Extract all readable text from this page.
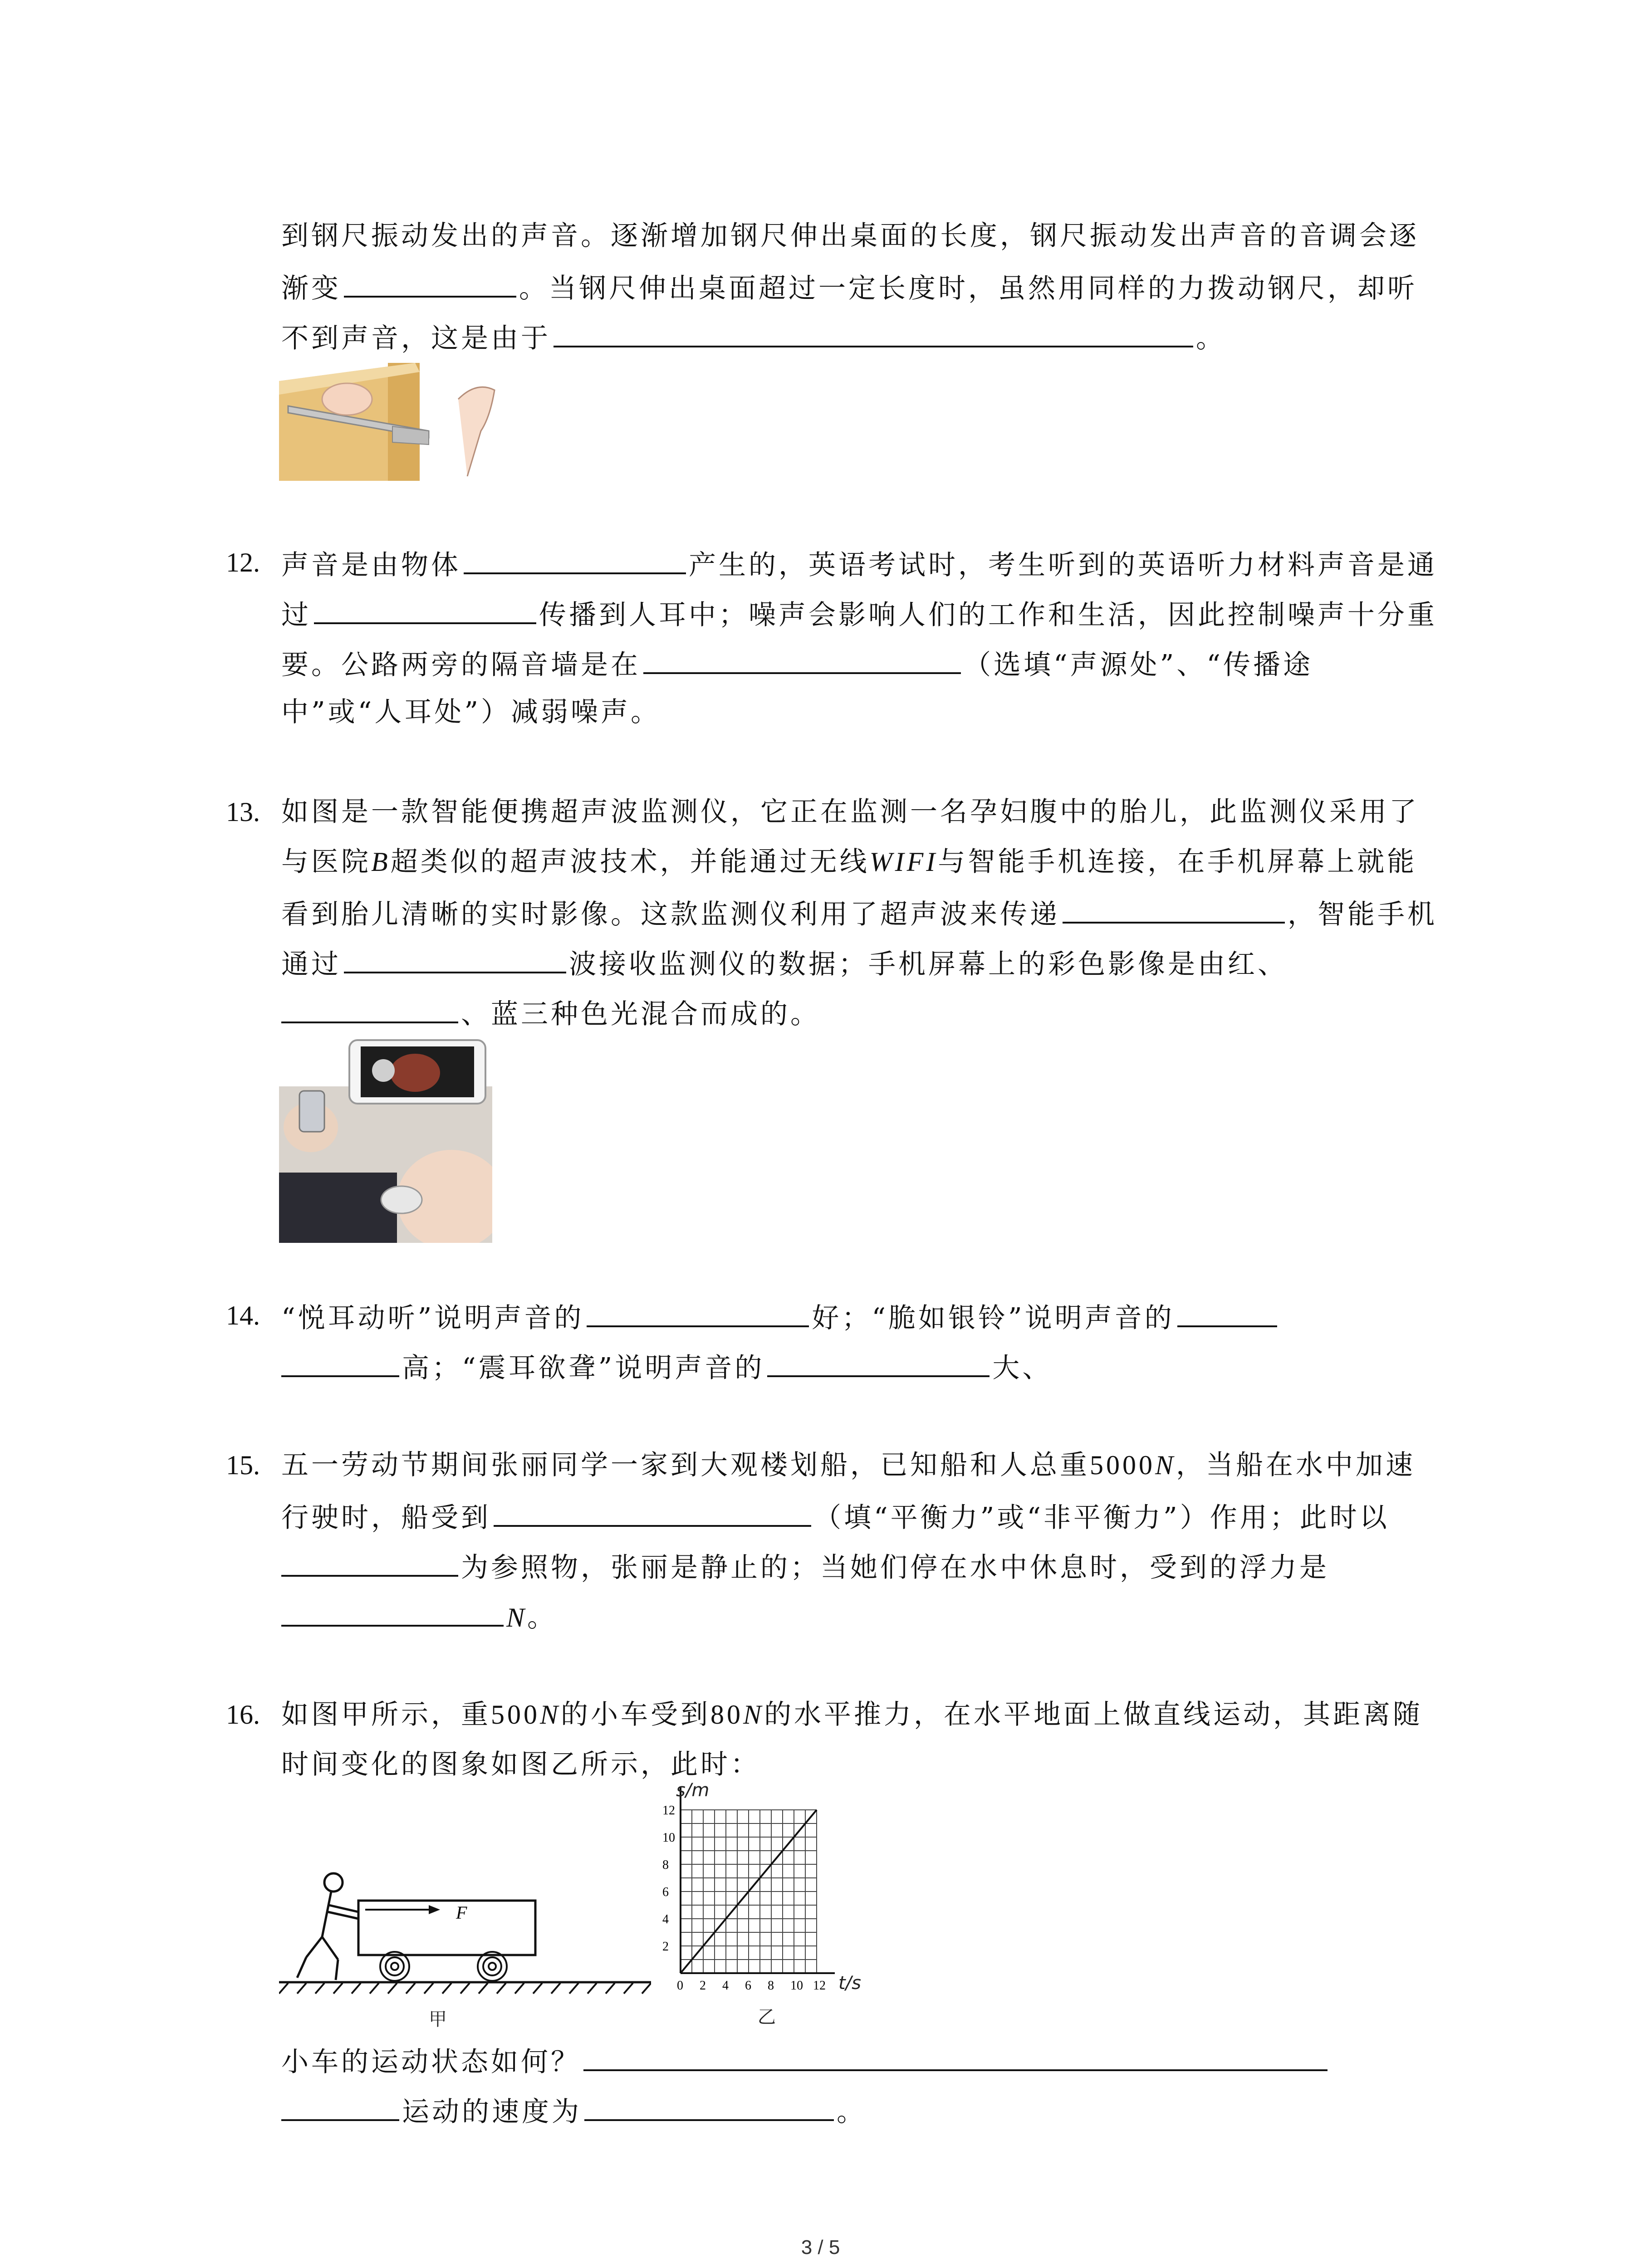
到钢尺振动发出的声音。逐渐增加钢尺伸出桌面的长度，钢尺振动发出声音的音调会逐
渐变	。当钢尺伸出桌面超过一定长度时，虽然用同样的力拨动钢尺，却听
不到声音，这是由于	。
12. 声音是由物体	产生的，英语考试时，考生听到的英语听力材料声音是通
过	传播到人耳中；噪声会影响人们的工作和生活，因此控制噪声十分重
要。公路两旁的隔音墙是在	（选填“声源处”、“传播途
中”或“人耳处”）减弱噪声。
13. 如图是一款智能便携超声波监测仪，它正在监测一名孕妇腹中的胎儿，此监测仪采用了
与医院B超类似的超声波技术，并能通过无线WIFI与智能手机连接，在手机屏幕上就能
看到胎儿清晰的实时影像。这款监测仪利用了超声波来传递	，智能手机
通过	波接收监测仪的数据；手机屏幕上的彩色影像是由红、
、蓝三种色光混合而成的。
14. “悦耳动听”说明声音的	好；“脆如银铃”说明声音的
高；“震耳欲聋”说明声音的	大、
15. 五一劳动节期间张丽同学一家到大观楼划船，已知船和人总重5000N，当船在水中加速
行驶时，船受到	（填“平衡力”或“非平衡力”）作用；此时以
为参照物，张丽是静止的；当她们停在水中休息时，受到的浮力是
N。
16. 如图甲所示，重500N的小车受到80N的水平推力，在水平地面上做直线运动，其距离随
时间变化的图象如图乙所示，此时：
F
甲
0 2 4 6 8 10 12
2
4
6
8
10
12
s/m
t/s
乙
小车的运动状态如何？
运动的速度为	。
3 / 5
